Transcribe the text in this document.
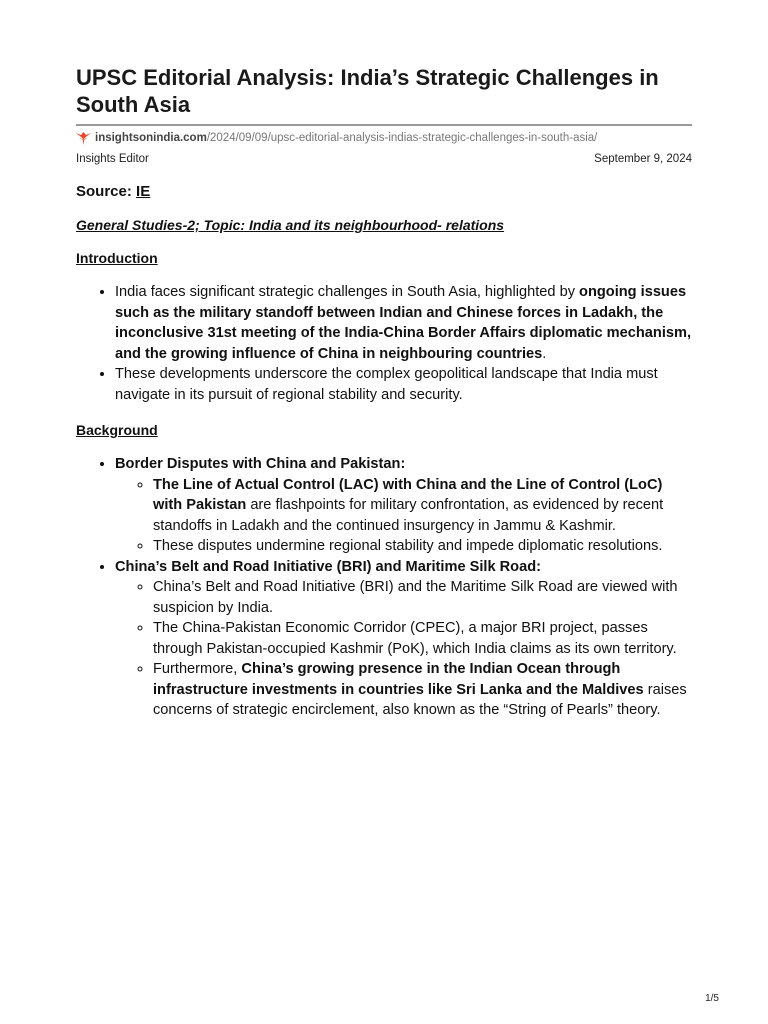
UPSC Editorial Analysis: India’s Strategic Challenges in South Asia
insightsonindia.com /2024/09/09/upsc-editorial-analysis-indias-strategic-challenges-in-south-asia/
Insights Editor	September 9, 2024
Source: IE
General Studies-2; Topic: India and its neighbourhood- relations
Introduction
• India faces significant strategic challenges in South Asia, highlighted by ongoing issues such as the military standoff between Indian and Chinese forces in Ladakh, the inconclusive 31st meeting of the India-China Border Affairs diplomatic mechanism, and the growing influence of China in neighbouring countries.
• These developments underscore the complex geopolitical landscape that India must navigate in its pursuit of regional stability and security.
Background
• Border Disputes with China and Pakistan:
◦ The Line of Actual Control (LAC) with China and the Line of Control (LoC) with Pakistan are flashpoints for military confrontation, as evidenced by recent standoffs in Ladakh and the continued insurgency in Jammu & Kashmir.
◦ These disputes undermine regional stability and impede diplomatic resolutions.
• China’s Belt and Road Initiative (BRI) and Maritime Silk Road:
◦ China’s Belt and Road Initiative (BRI) and the Maritime Silk Road are viewed with suspicion by India.
◦ The China-Pakistan Economic Corridor (CPEC), a major BRI project, passes through Pakistan-occupied Kashmir (PoK), which India claims as its own territory.
◦ Furthermore, China’s growing presence in the Indian Ocean through infrastructure investments in countries like Sri Lanka and the Maldives raises concerns of strategic encirclement, also known as the “String of Pearls” theory.
1/5
